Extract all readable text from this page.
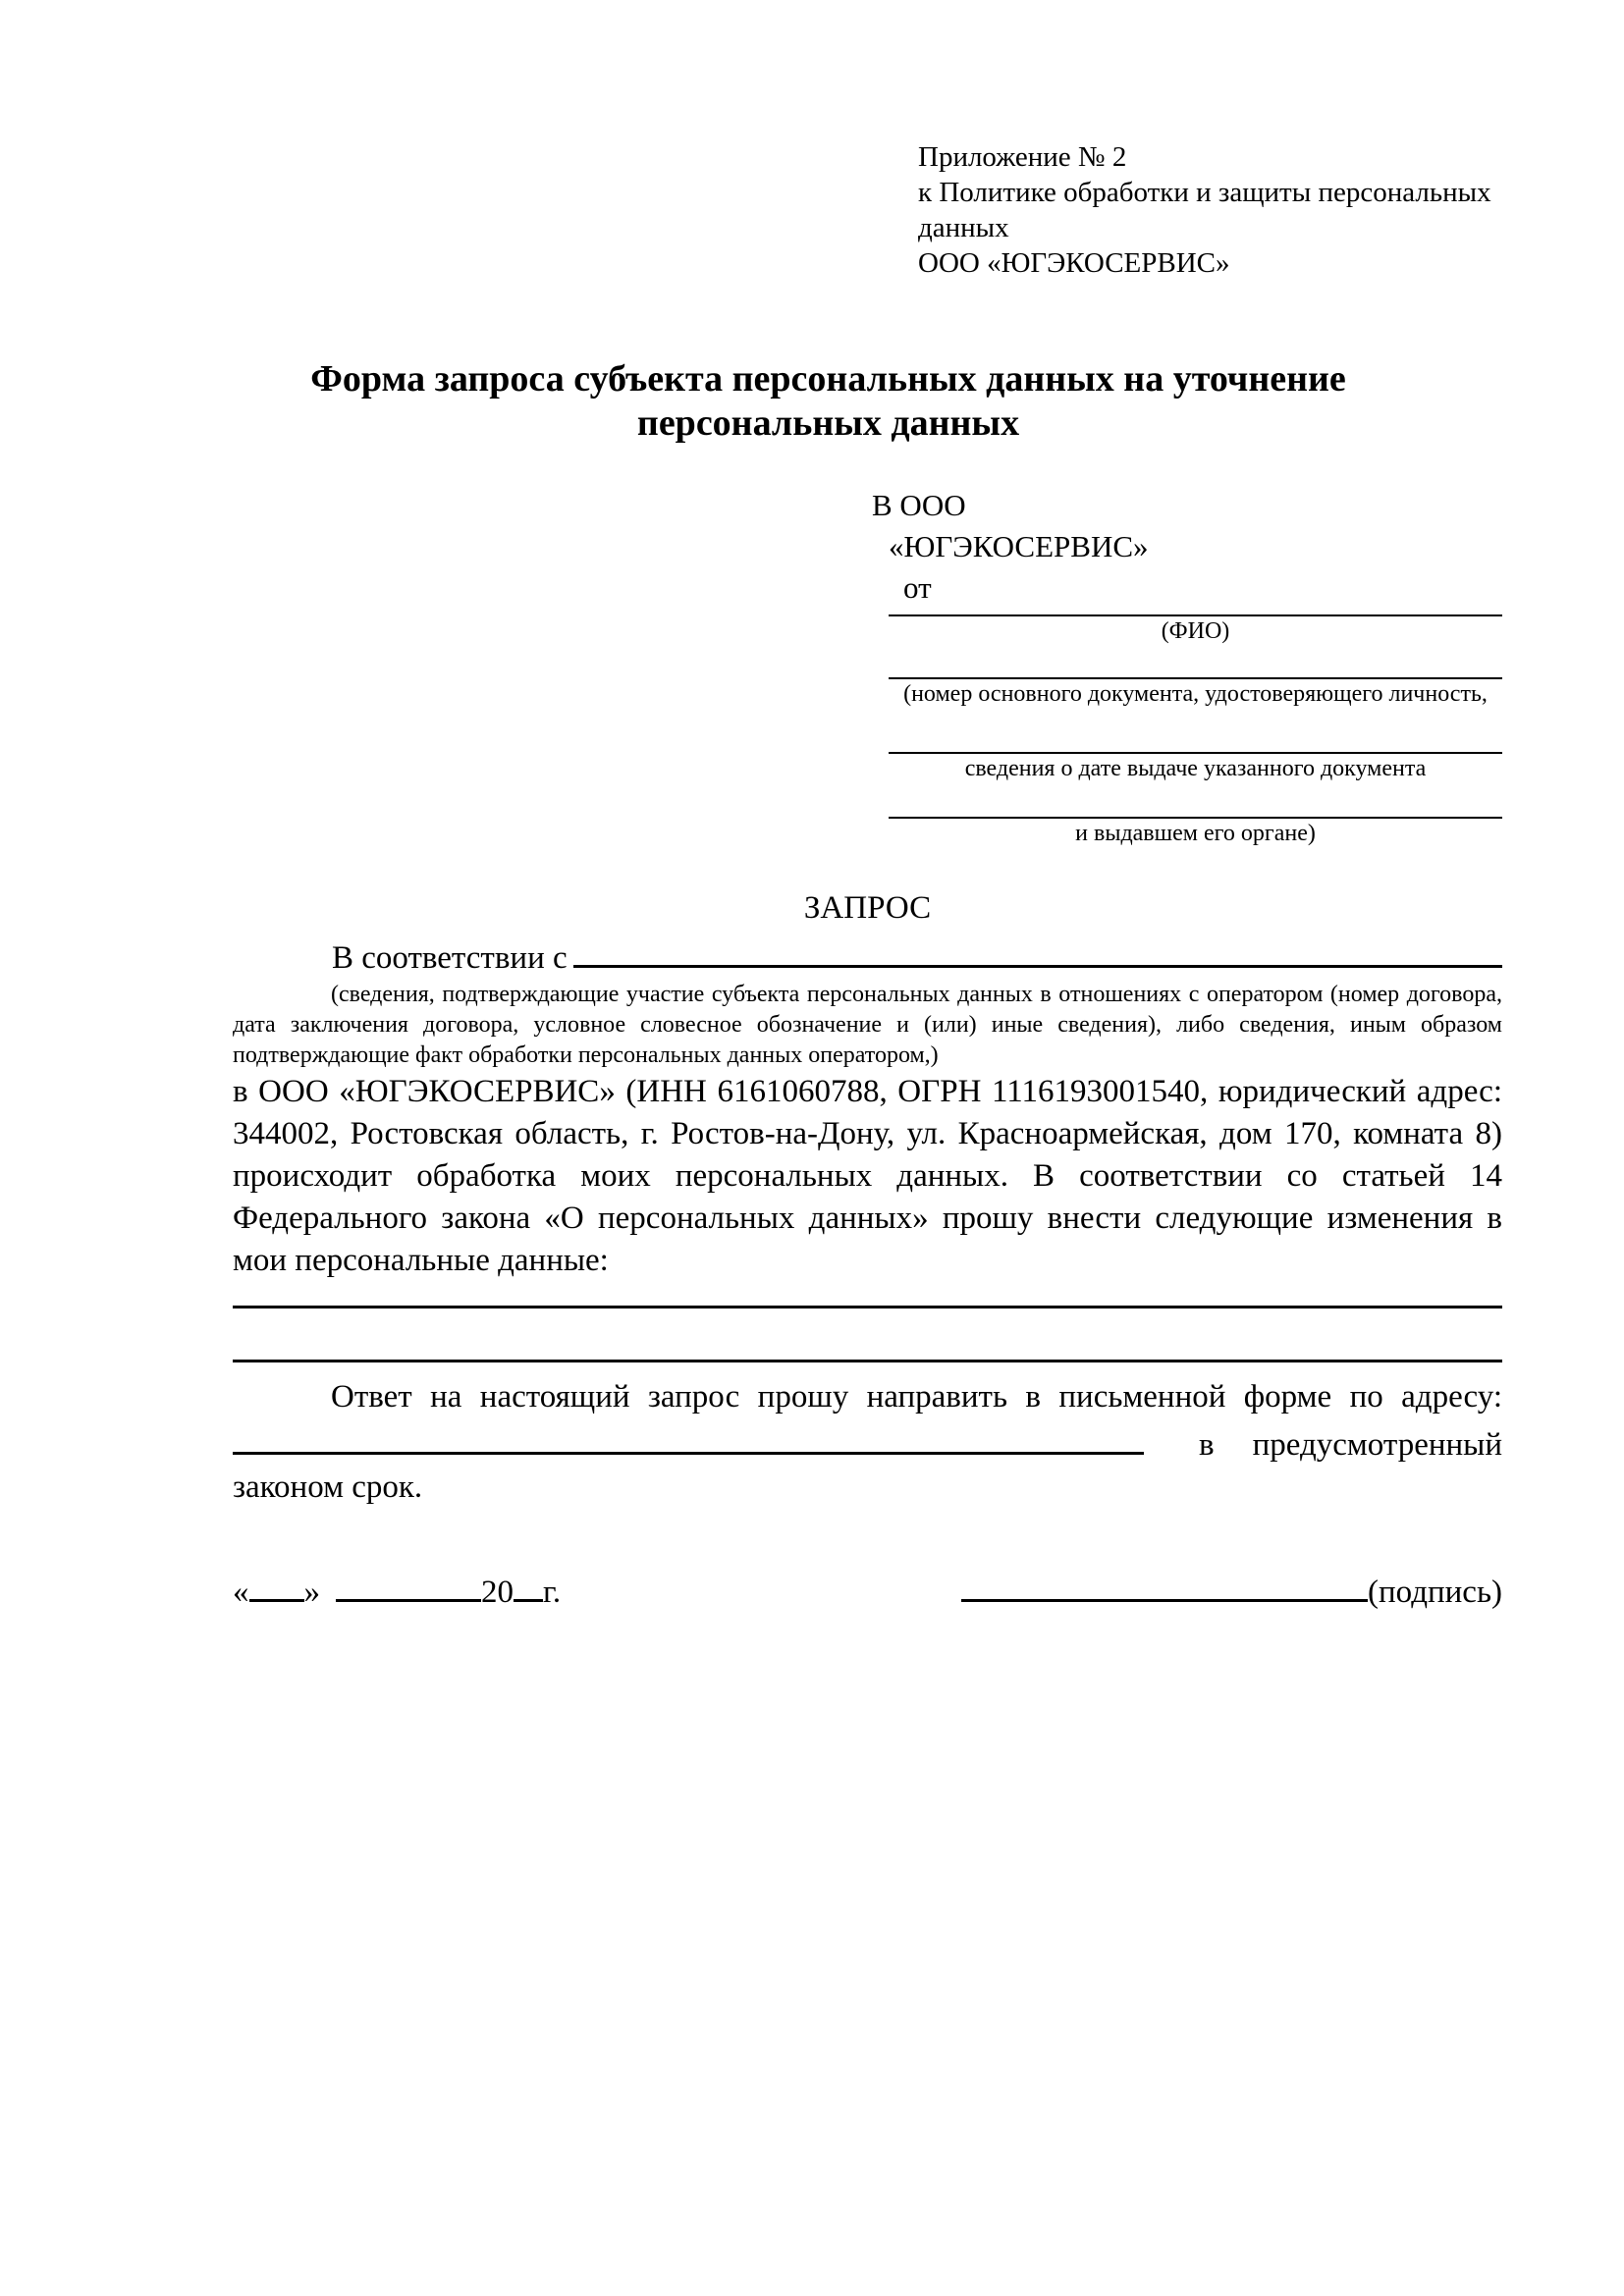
Приложение № 2
к Политике обработки и защиты персональных
данных
ООО «ЮГЭКОСЕРВИС»
Форма запроса субъекта персональных данных на уточнение персональных данных
В ООО
«ЮГЭКОСЕРВИС»
от
(ФИО)
(номер основного документа, удостоверяющего личность,
сведения о дате выдаче указанного документа
и выдавшем его органе)
ЗАПРОС
В соответствии с
(сведения, подтверждающие участие субъекта персональных данных в отношениях с оператором (номер договора, дата заключения договора, условное словесное обозначение и (или) иные сведения), либо сведения, иным образом подтверждающие факт обработки персональных данных оператором,)
в ООО «ЮГЭКОСЕРВИС» (ИНН 6161060788, ОГРН 1116193001540, юридический адрес: 344002, Ростовская область, г. Ростов-на-Дону, ул. Красноармейская, дом 170, комната 8) происходит обработка моих персональных данных. В соответствии со статьей 14 Федерального закона «О персональных данных» прошу внести следующие изменения в мои персональные данные:
Ответ на настоящий запрос прошу направить в письменной форме по адресу:
в предусмотренный
законом срок.
« »	20 г.	(подпись)
